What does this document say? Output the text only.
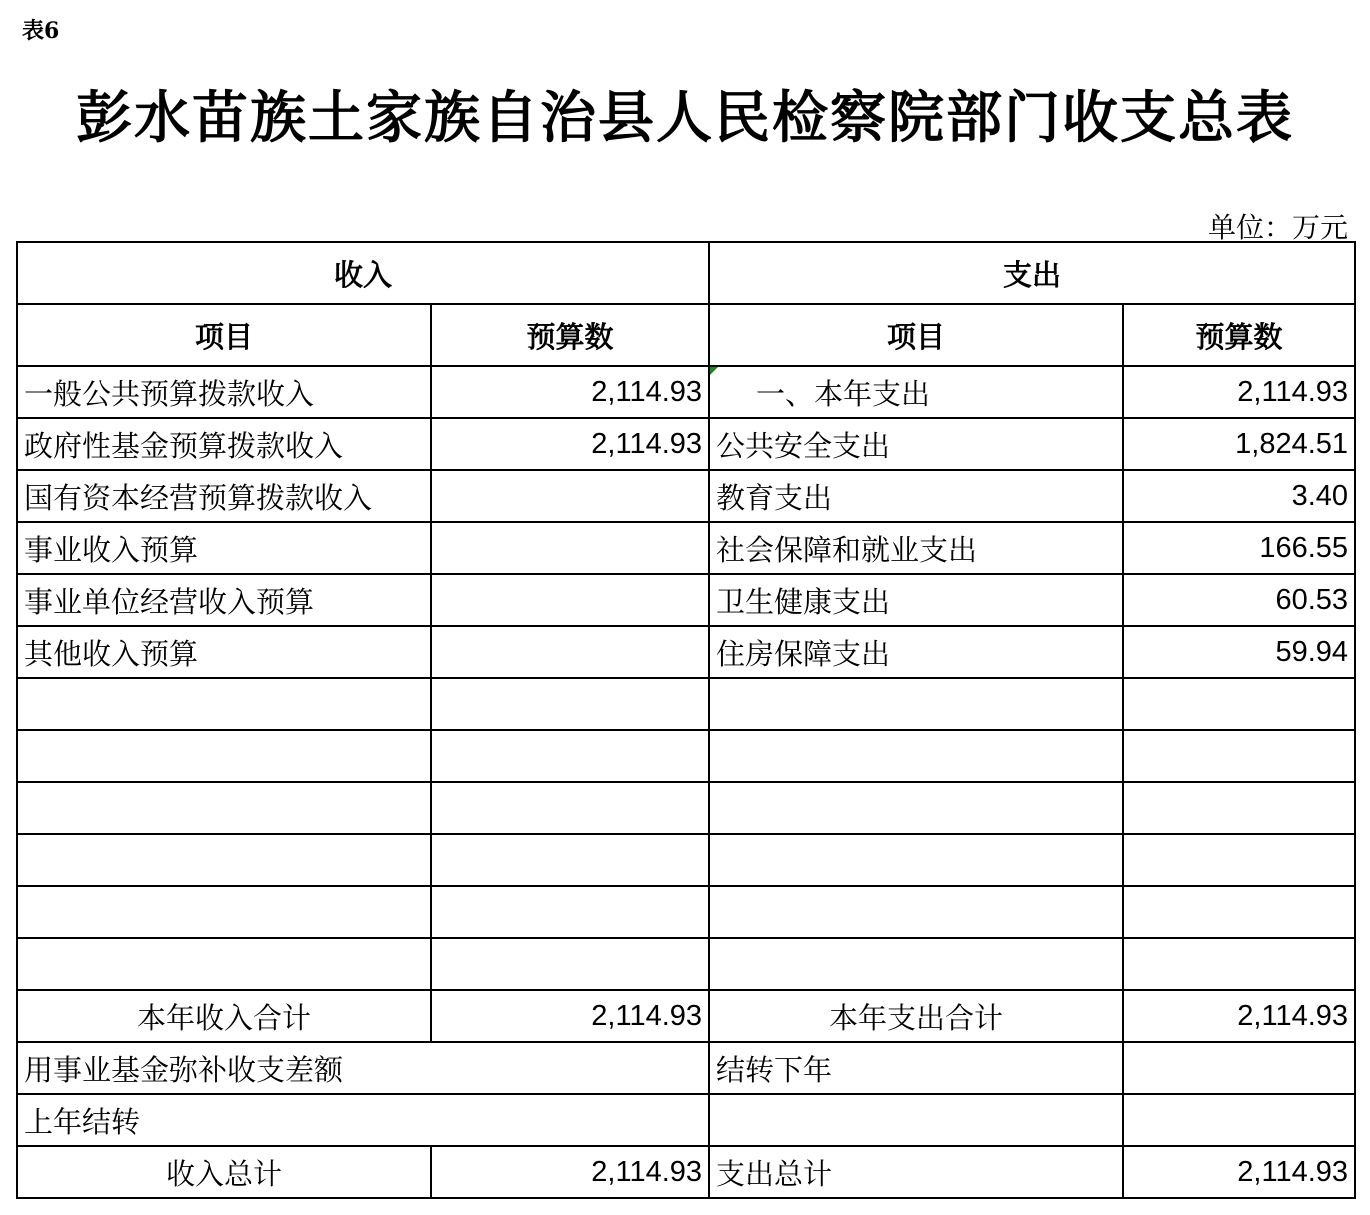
表6
彭水苗族土家族自治县人民检察院部门收支总表
单位：万元
收入		支出	
项目	预算数	项目	预算数
一般公共预算拨款收入	2,114.93	一、本年支出	2,114.93
政府性基金预算拨款收入	2,114.93	公共安全支出	1,824.51
国有资本经营预算拨款收入		教育支出	3.40
事业收入预算		社会保障和就业支出	166.55
事业单位经营收入预算		卫生健康支出	60.53
其他收入预算		住房保障支出	59.94

本年收入合计	2,114.93	本年支出合计	2,114.93
用事业基金弥补收支差额		结转下年	
上年结转			
收入总计	2,114.93	支出总计	2,114.93
